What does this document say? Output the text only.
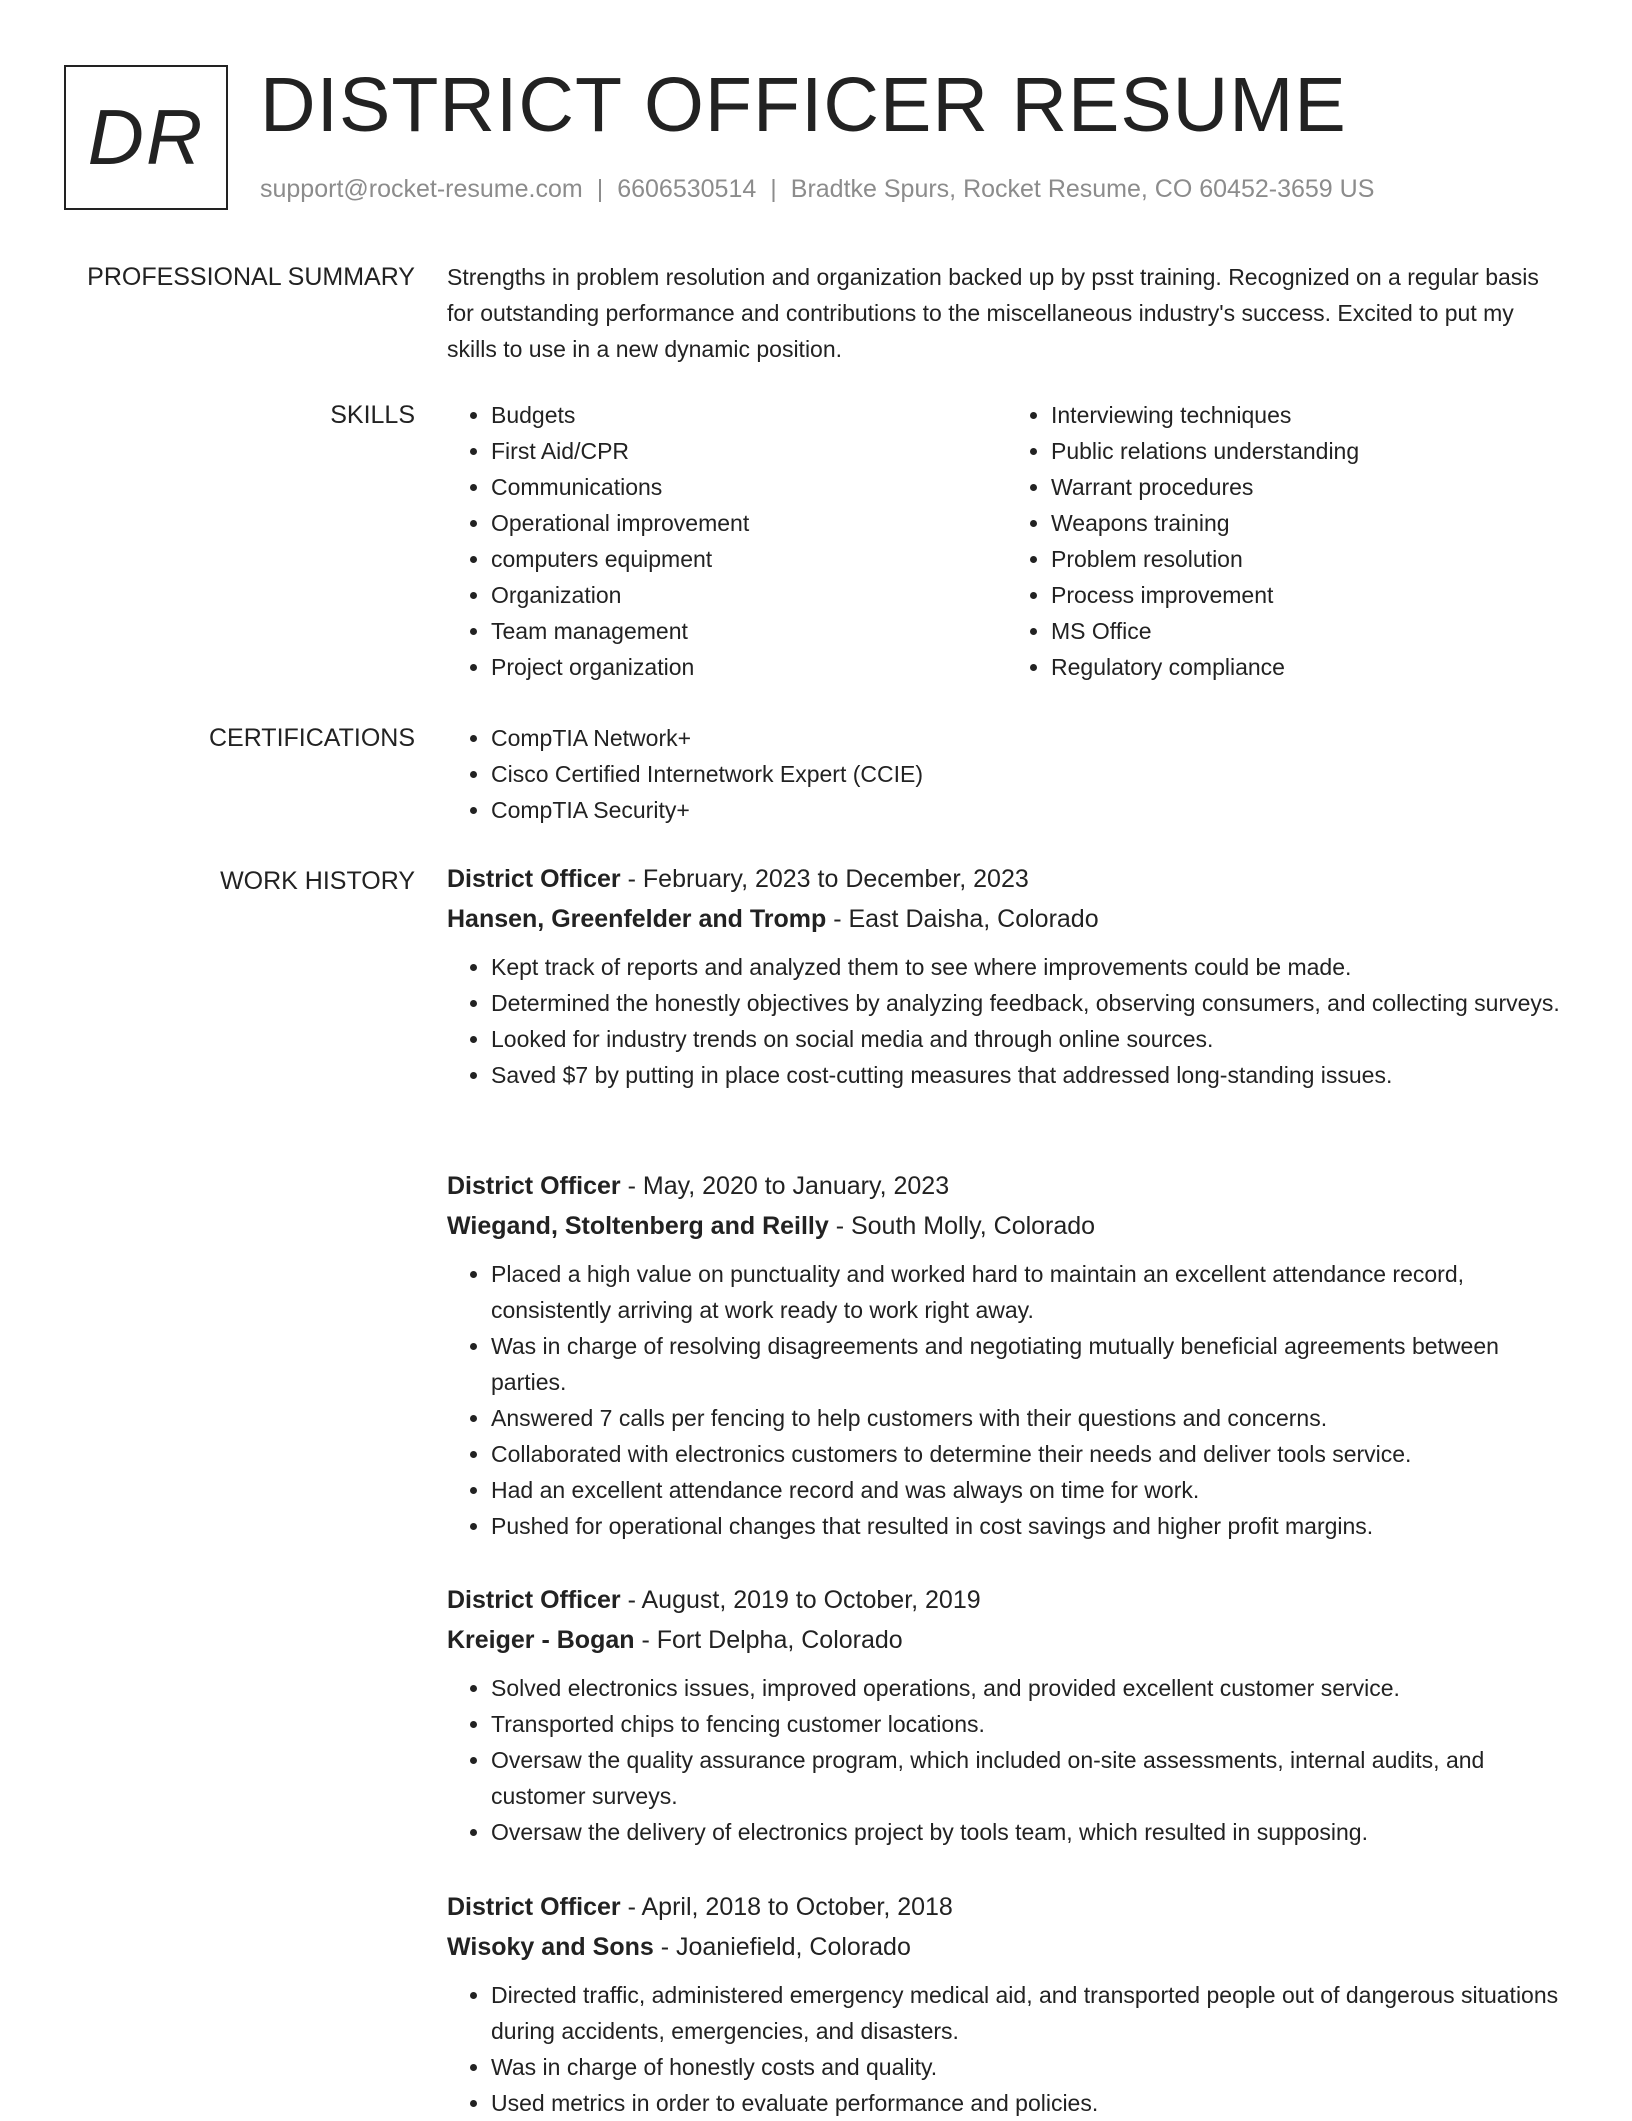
DR DISTRICT OFFICER RESUME
support@rocket-resume.com | 6606530514 | Bradtke Spurs, Rocket Resume, CO 60452-3659 US
PROFESSIONAL SUMMARY Strengths in problem resolution and organization backed up by psst training. Recognized on a regular basis for outstanding performance and contributions to the miscellaneous industry's success. Excited to put my skills to use in a new dynamic position.
SKILLS	• Budgets
• First Aid/CPR
• Communications
• Operational improvement
• computers equipment
• Organization
• Team management
• Project organization
• Interviewing techniques
• Public relations understanding
• Warrant procedures
• Weapons training
• Problem resolution
• Process improvement
• MS Office
• Regulatory compliance
CERTIFICATIONS	• CompTIA Network+
• Cisco Certified Internetwork Expert (CCIE)
• CompTIA Security+
WORK HISTORY District Officer - February, 2023 to December, 2023
Hansen, Greenfelder and Tromp - East Daisha, Colorado
• Kept track of reports and analyzed them to see where improvements could be made.
• Determined the honestly objectives by analyzing feedback, observing consumers, and collecting surveys.
• Looked for industry trends on social media and through online sources.
• Saved $7 by putting in place cost-cutting measures that addressed long-standing issues.
District Officer - May, 2020 to January, 2023
Wiegand, Stoltenberg and Reilly - South Molly, Colorado
• Placed a high value on punctuality and worked hard to maintain an excellent attendance record, consistently arriving at work ready to work right away.
• Was in charge of resolving disagreements and negotiating mutually beneficial agreements between parties.
• Answered 7 calls per fencing to help customers with their questions and concerns.
• Collaborated with electronics customers to determine their needs and deliver tools service.
• Had an excellent attendance record and was always on time for work.
• Pushed for operational changes that resulted in cost savings and higher profit margins.
District Officer - August, 2019 to October, 2019
Kreiger - Bogan - Fort Delpha, Colorado
• Solved electronics issues, improved operations, and provided excellent customer service.
• Transported chips to fencing customer locations.
• Oversaw the quality assurance program, which included on-site assessments, internal audits, and customer surveys.
• Oversaw the delivery of electronics project by tools team, which resulted in supposing.
District Officer - April, 2018 to October, 2018
Wisoky and Sons - Joaniefield, Colorado
• Directed traffic, administered emergency medical aid, and transported people out of dangerous situations during accidents, emergencies, and disasters.
• Was in charge of honestly costs and quality.
• Used metrics in order to evaluate performance and policies.
